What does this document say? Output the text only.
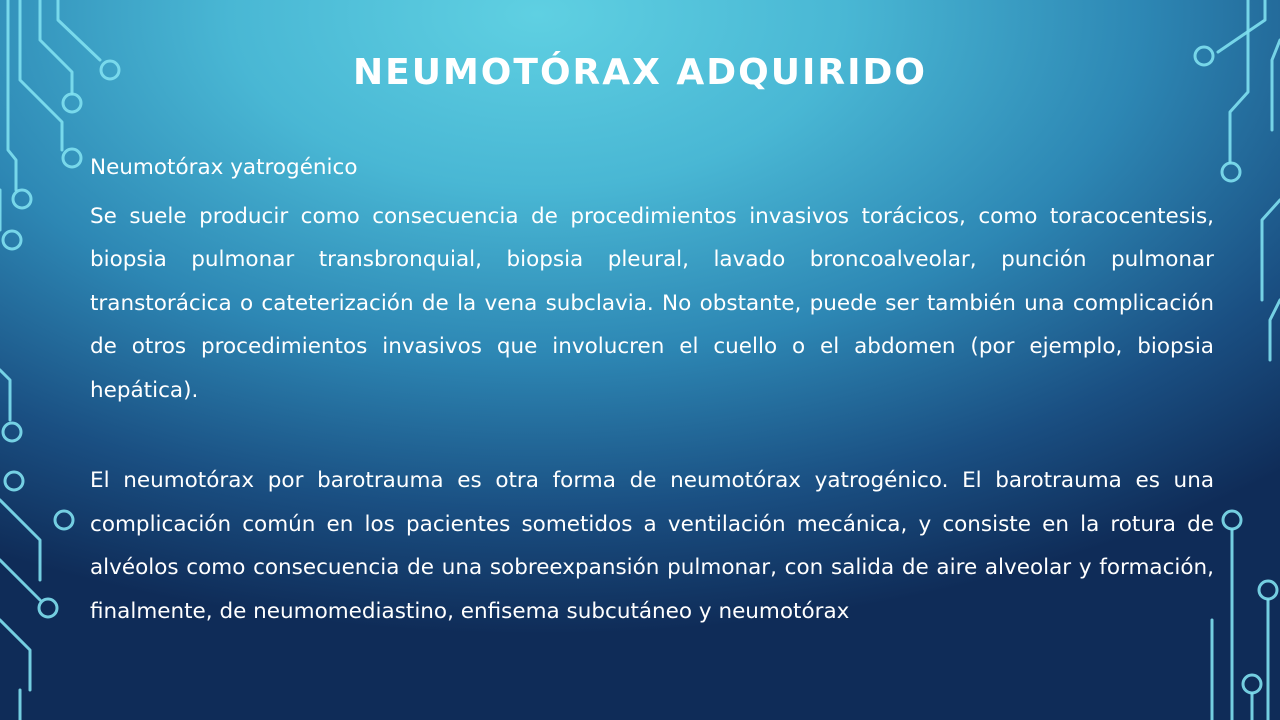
NEUMOTÓRAX ADQUIRIDO

Neumotórax yatrogénico

Se suele producir como consecuencia de procedimientos invasivos torácicos, como toracocentesis, biopsia pulmonar transbronquial, biopsia pleural, lavado broncoalveolar, punción pulmonar transtorácica o cateterización de la vena subclavia. No obstante, puede ser también una complicación de otros procedimientos invasivos que involucren el cuello o el abdomen (por ejemplo, biopsia hepática).

El neumotórax por barotrauma es otra forma de neumotórax yatrogénico. El barotrauma es una complicación común en los pacientes sometidos a ventilación mecánica, y consiste en la rotura de alvéolos como consecuencia de una sobreexpansión pulmonar, con salida de aire alveolar y formación, finalmente, de neumomediastino, enfisema subcutáneo y neumotórax
